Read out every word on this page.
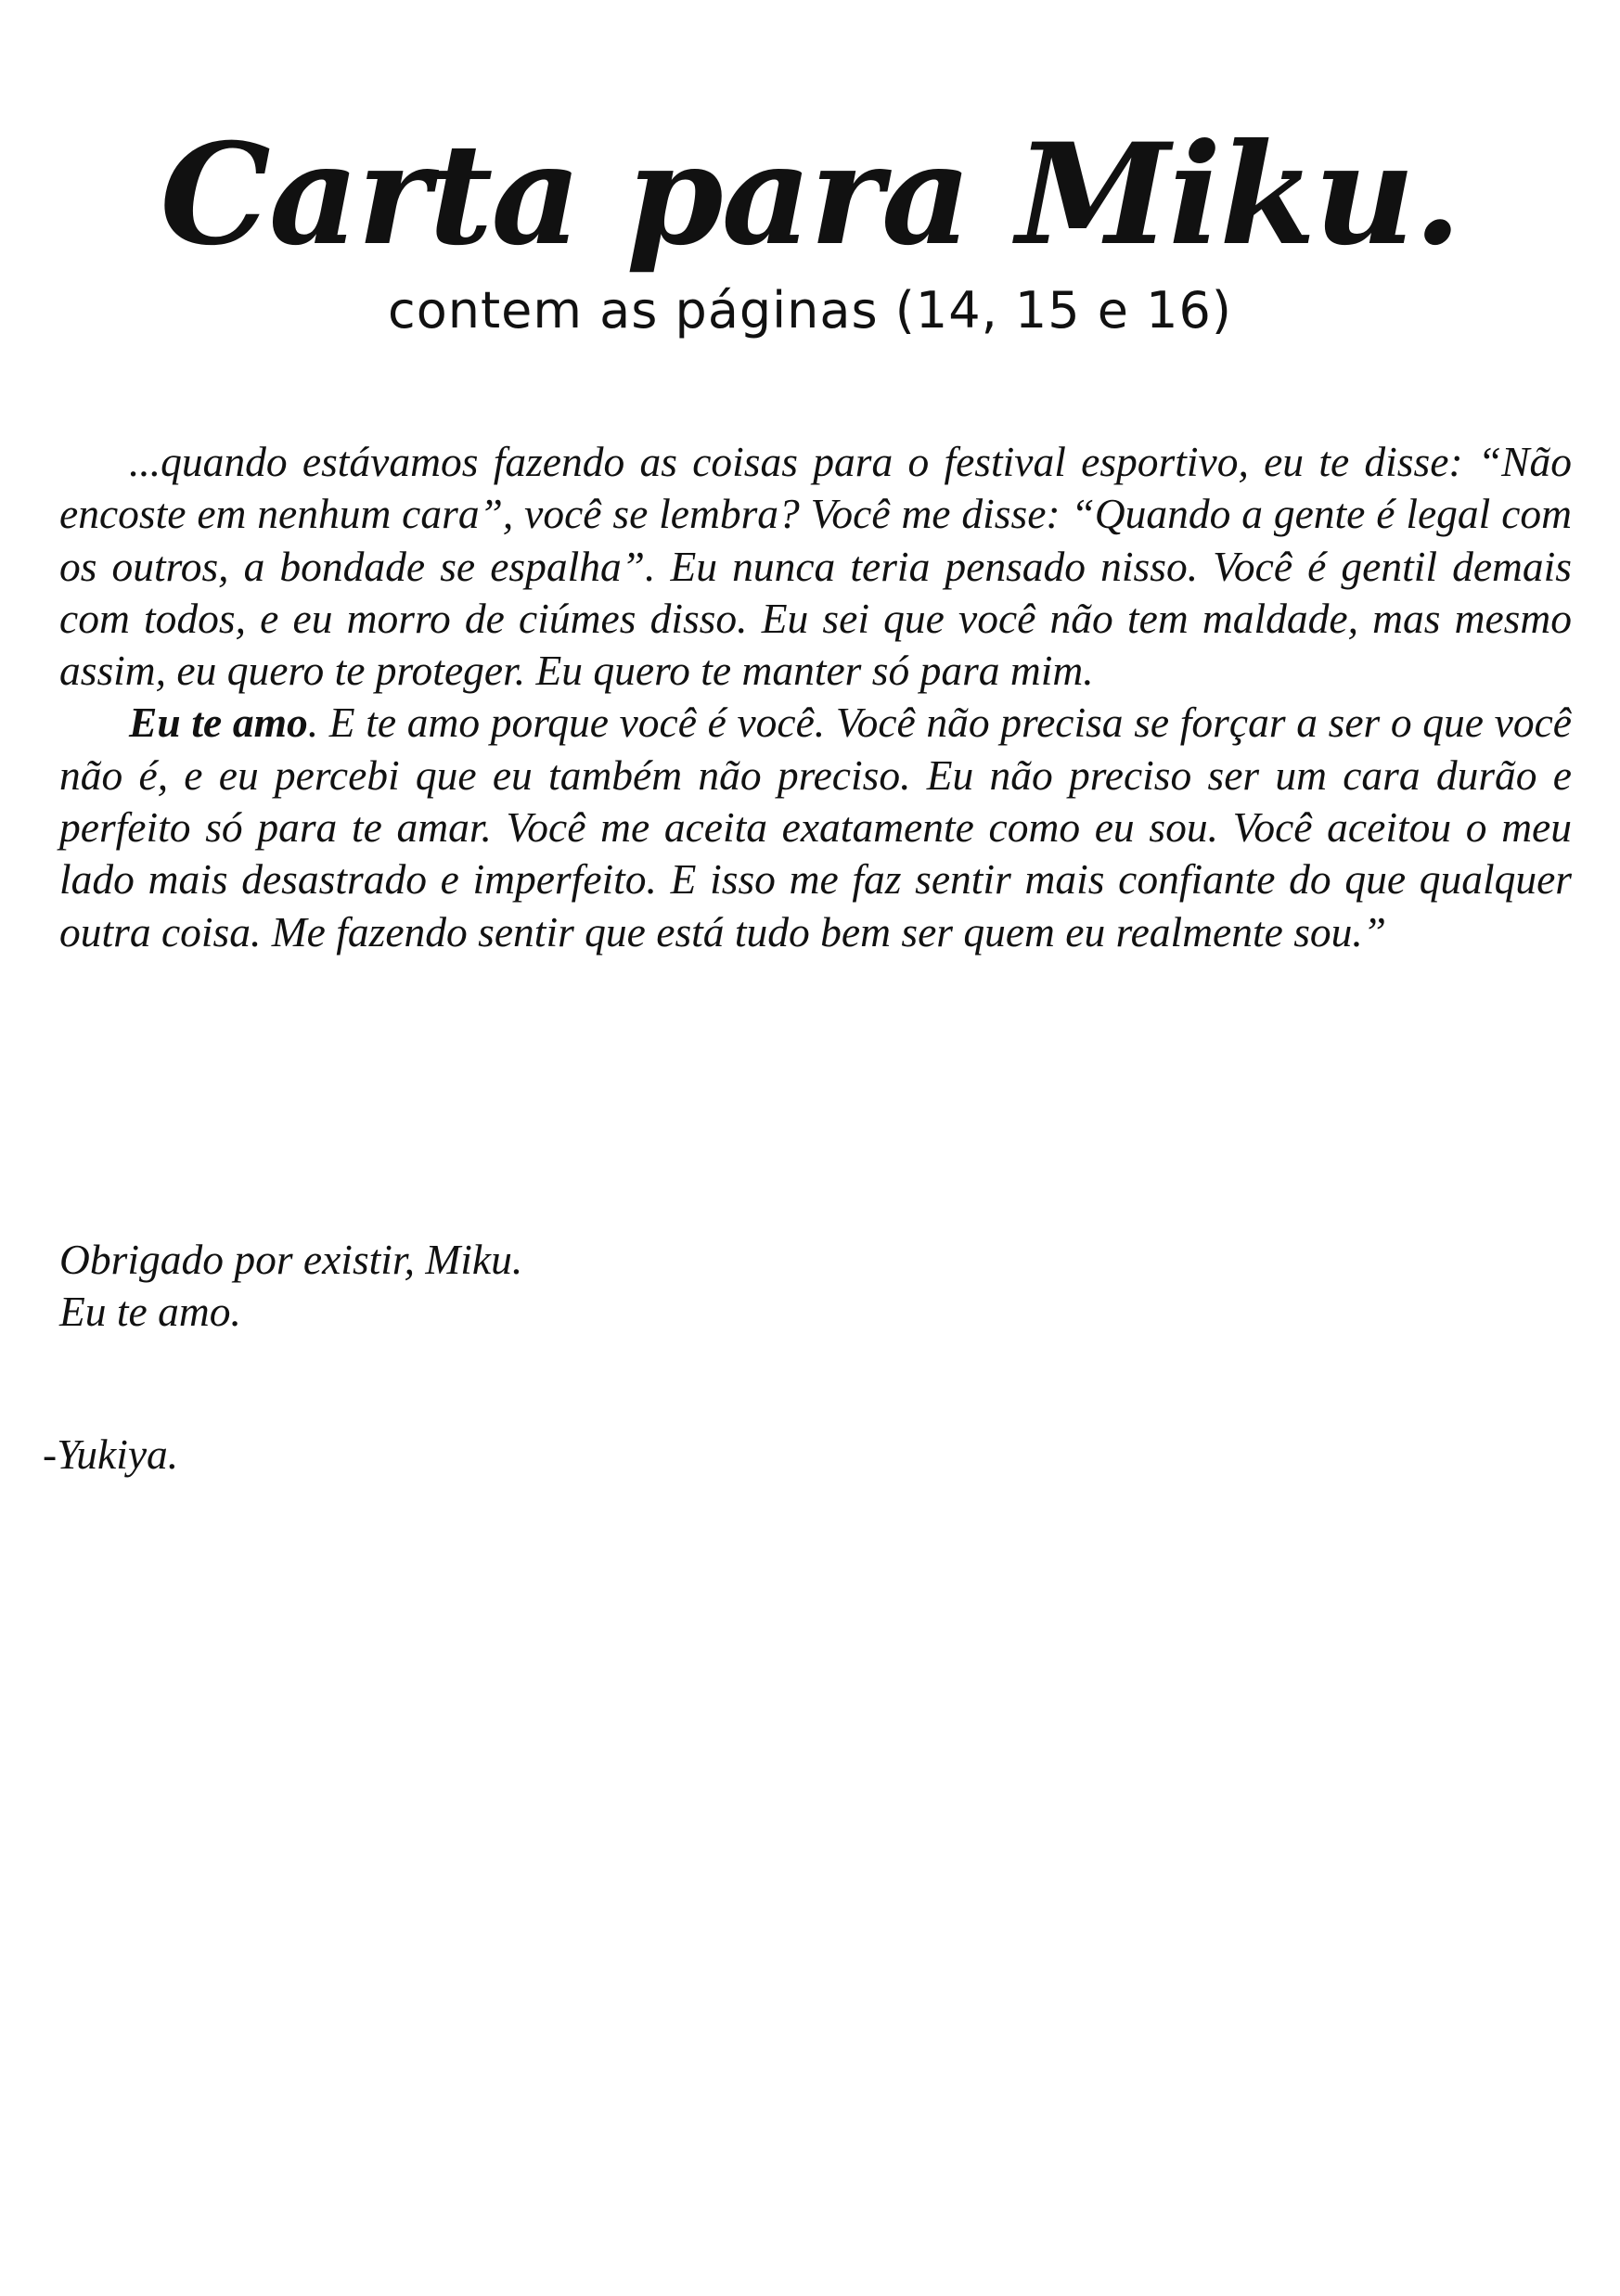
Carta para Miku.
contem as páginas (14, 15 e 16)

...quando estávamos fazendo as coisas para o festival esportivo, eu te disse: “Não encoste em nenhum cara”, você se lembra? Você me disse: “Quando a gente é legal com os outros, a bondade se espalha”. Eu nunca teria pensado nisso. Você é gentil demais com todos, e eu morro de ciúmes disso. Eu sei que você não tem maldade, mas mesmo assim, eu quero te proteger. Eu quero te manter só para mim.

Eu te amo. E te amo porque você é você. Você não precisa se forçar a ser o que você não é, e eu percebi que eu também não preciso. Eu não preciso ser um cara durão e perfeito só para te amar. Você me aceita exatamente como eu sou. Você aceitou o meu lado mais desastrado e imperfeito. E isso me faz sentir mais confiante do que qualquer outra coisa. Me fazendo sentir que está tudo bem ser quem eu realmente sou.”

Obrigado por existir, Miku.
Eu te amo.
-Yukiya.
